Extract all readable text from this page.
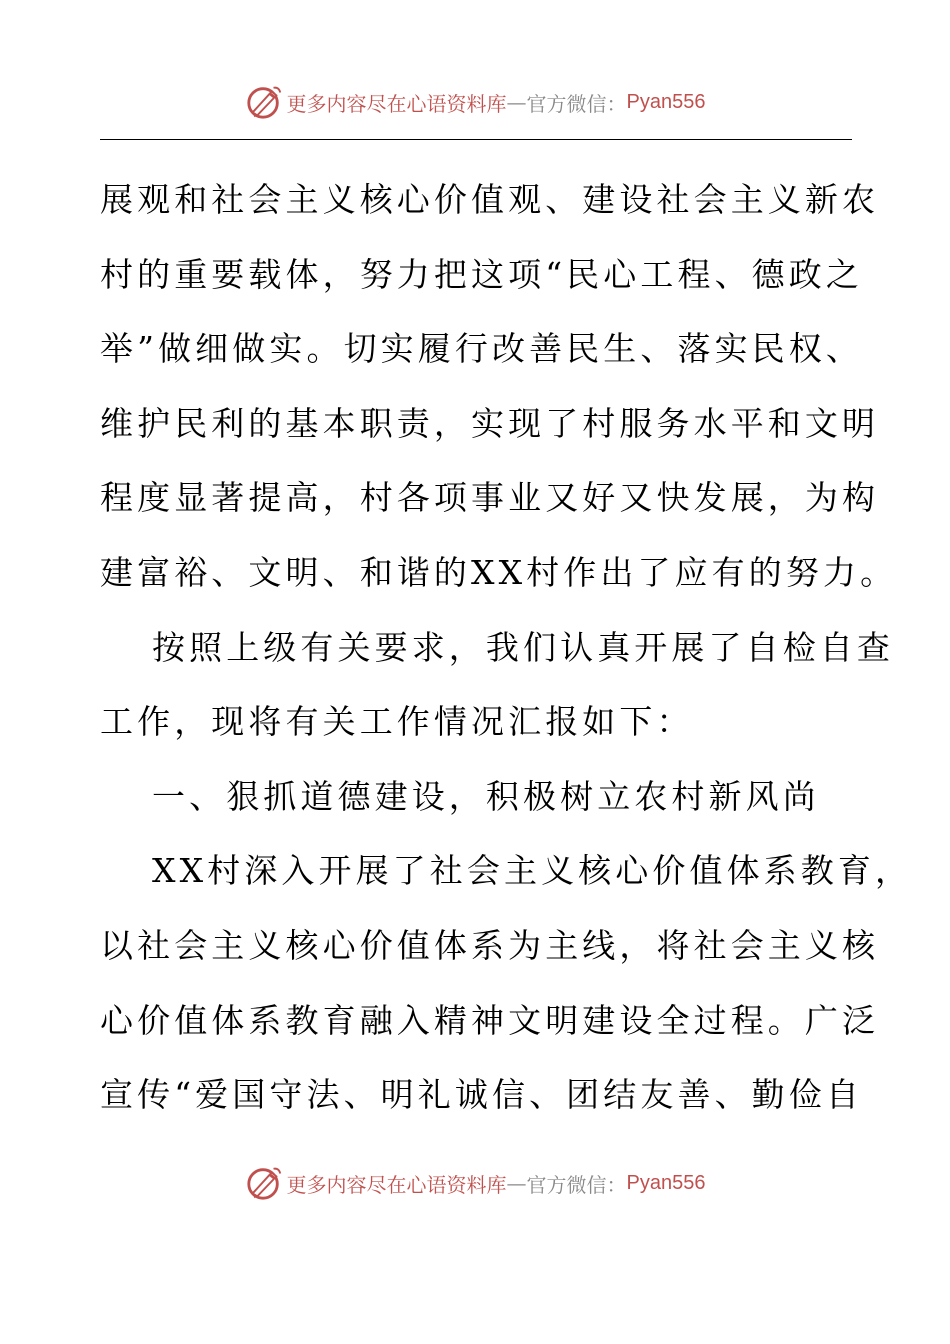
更多内容尽在心语资料库 — 官方微信： Pyan556
展观和社会主义核心价值观、建设社会主义新农
村的重要载体，努力把这项“民心工程、德政之
举”做细做实。切实履行改善民生、落实民权、
维护民利的基本职责，实现了村服务水平和文明
程度显著提高，村各项事业又好又快发展，为构
建富裕、文明、和谐的XX村作出了应有的努力。
按照上级有关要求，我们认真开展了自检自查
工作，现将有关工作情况汇报如下：
一、狠抓道德建设，积极树立农村新风尚
XX村深入开展了社会主义核心价值体系教育，
以社会主义核心价值体系为主线，将社会主义核
心价值体系教育融入精神文明建设全过程。广泛
宣传“爱国守法、明礼诚信、团结友善、勤俭自
更多内容尽在心语资料库 — 官方微信： Pyan556
